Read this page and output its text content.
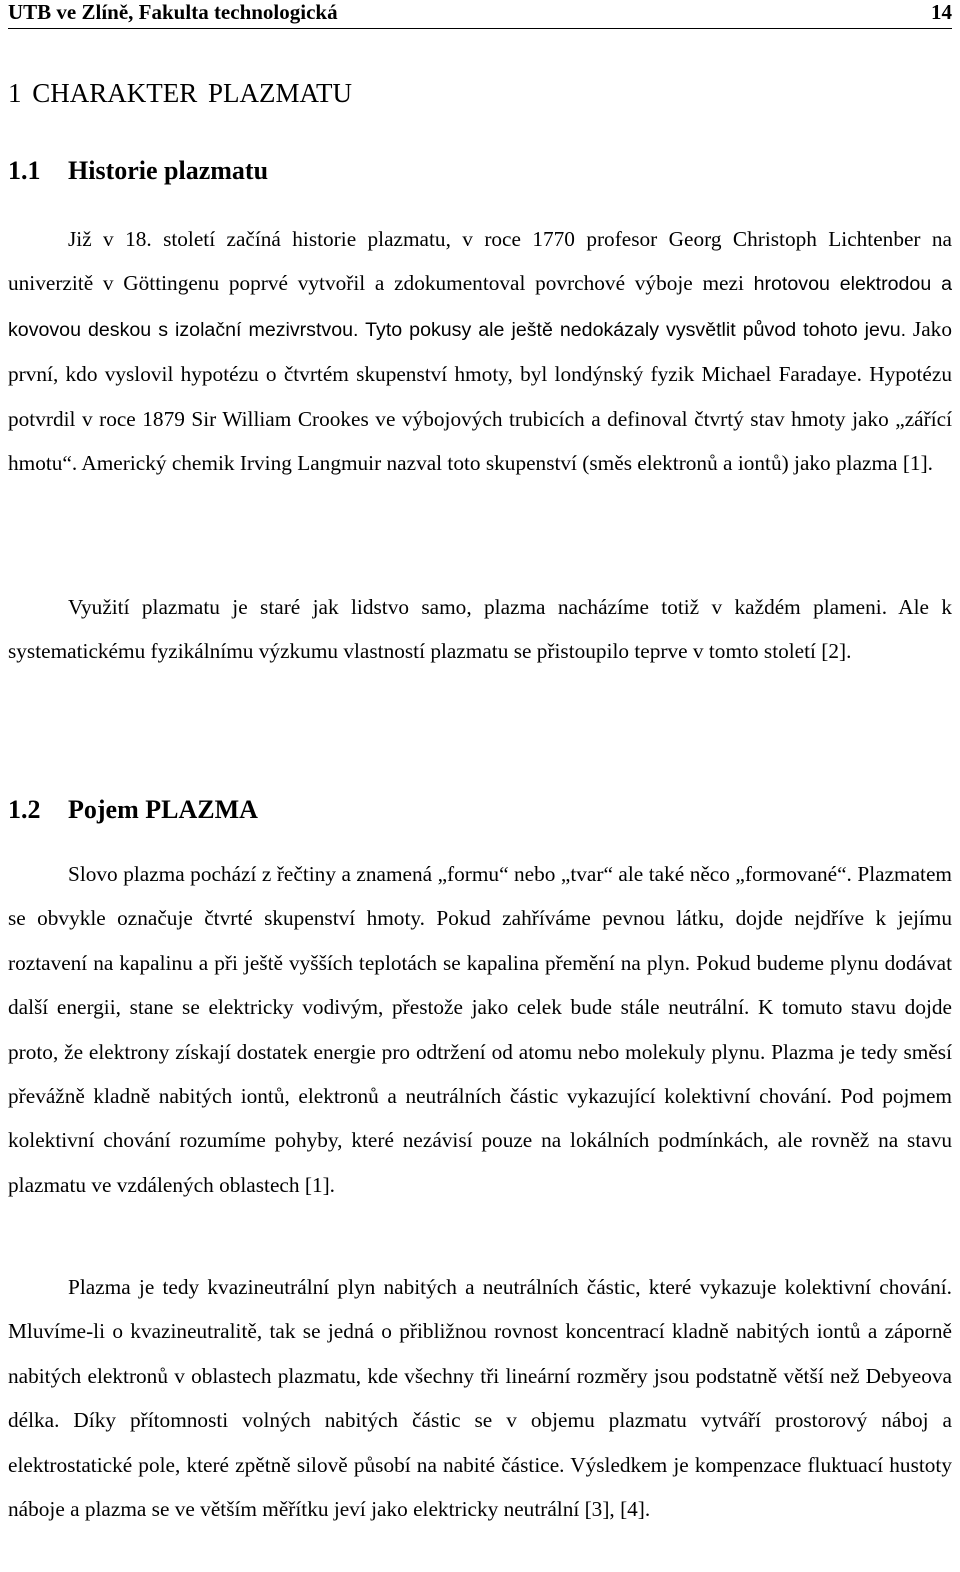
UTB ve Zlíně, Fakulta technologická	14
1 CHARAKTER PLAZMATU
1.1 Historie plazmatu

Již v 18. století začíná historie plazmatu, v roce 1770 profesor Georg Christoph Lichtenber na univerzitě v Göttingenu poprvé vytvořil a zdokumentoval povrchové výboje mezi hrotovou elektrodou a kovovou deskou s izolační mezivrstvou. Tyto pokusy ale ještě nedokázaly vysvětlit původ tohoto jevu. Jako první, kdo vyslovil hypotézu o čtvrtém skupenství hmoty, byl londýnský fyzik Michael Faradaye. Hypotézu potvrdil v roce 1879 Sir William Crookes ve výbojových trubicích a definoval čtvrtý stav hmoty jako „zářící hmotu“. Americký chemik Irving Langmuir nazval toto skupenství (směs elektronů a iontů) jako plazma [1].

Využití plazmatu je staré jak lidstvo samo, plazma nacházíme totiž v každém plameni. Ale k systematickému fyzikálnímu výzkumu vlastností plazmatu se přistoupilo teprve v tomto století [2].

1.2 Pojem PLAZMA

Slovo plazma pochází z řečtiny a znamená „formu“ nebo „tvar“ ale také něco „formované“. Plazmatem se obvykle označuje čtvrté skupenství hmoty. Pokud zahříváme pevnou látku, dojde nejdříve k jejímu roztavení na kapalinu a při ještě vyšších teplotách se kapalina přemění na plyn. Pokud budeme plynu dodávat další energii, stane se elektricky vodivým, přestože jako celek bude stále neutrální. K tomuto stavu dojde proto, že elektrony získají dostatek energie pro odtržení od atomu nebo molekuly plynu. Plazma je tedy směsí převážně kladně nabitých iontů, elektronů a neutrálních částic vykazující kolektivní chování. Pod pojmem kolektivní chování rozumíme pohyby, které nezávisí pouze na lokálních podmínkách, ale rovněž na stavu plazmatu ve vzdálených oblastech [1].

Plazma je tedy kvazineutrální plyn nabitých a neutrálních částic, které vykazuje kolektivní chování. Mluvíme-li o kvazineutralitě, tak se jedná o přibližnou rovnost koncentrací kladně nabitých iontů a záporně nabitých elektronů v oblastech plazmatu, kde všechny tři lineární rozměry jsou podstatně větší než Debyeova délka. Díky přítomnosti volných nabitých částic se v objemu plazmatu vytváří prostorový náboj a elektrostatické pole, které zpětně silově působí na nabité částice. Výsledkem je kompenzace fluktuací hustoty náboje a plazma se ve větším měřítku jeví jako elektricky neutrální [3], [4].
